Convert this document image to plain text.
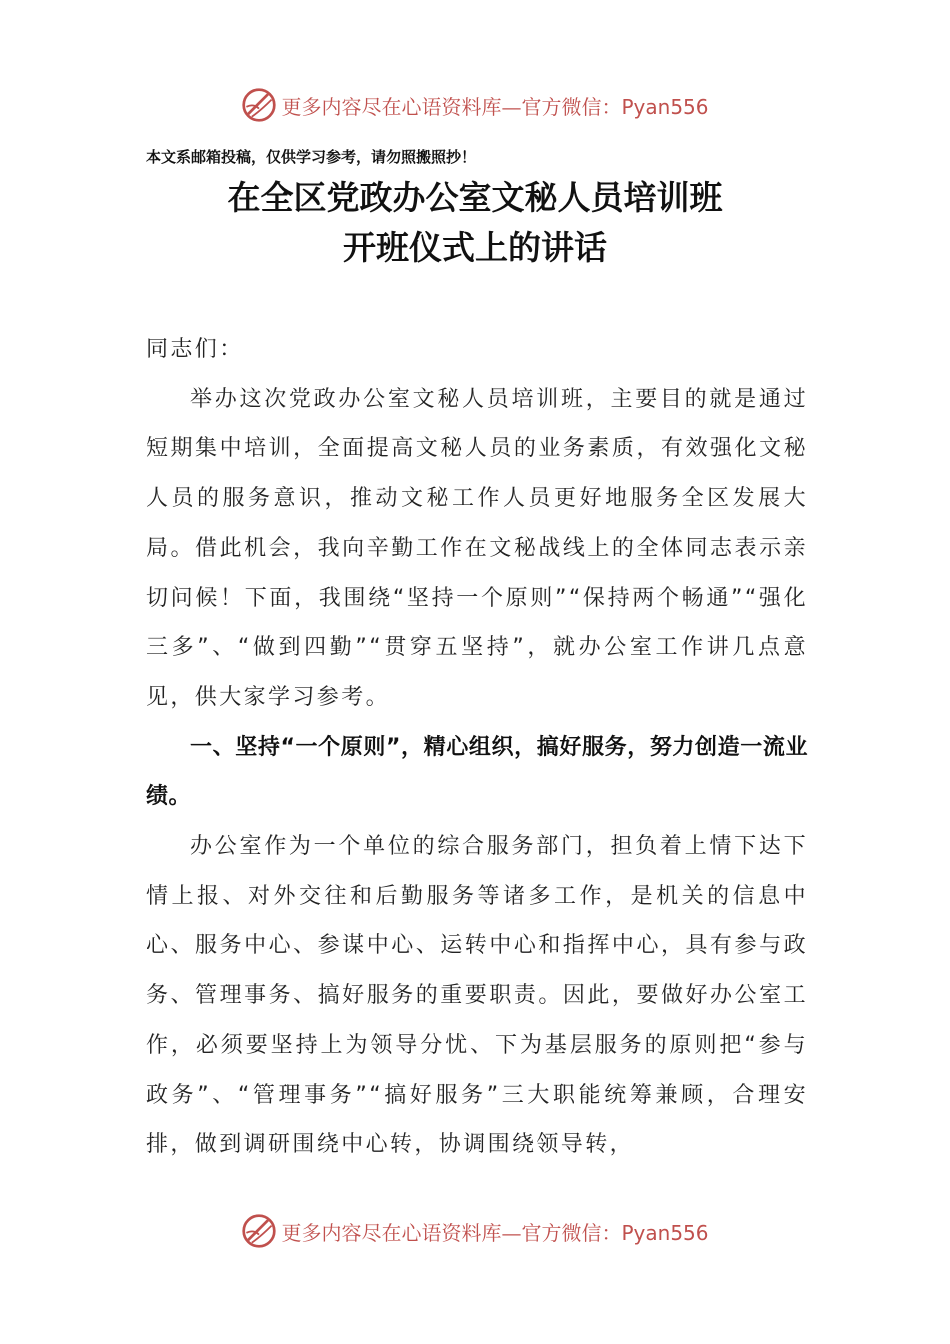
更多内容尽在心语资料库—官方微信：Pyan556
本文系邮箱投稿，仅供学习参考，请勿照搬照抄！
在全区党政办公室文秘人员培训班
开班仪式上的讲话

同志们：

举办这次党政办公室文秘人员培训班，主要目的就是通过短期集中培训，全面提高文秘人员的业务素质，有效强化文秘人员的服务意识，推动文秘工作人员更好地服务全区发展大局。借此机会，我向辛勤工作在文秘战线上的全体同志表示亲切问候！下面，我围绕“坚持一个原则”“保持两个畅通”“强化三多”、“做到四勤”“贯穿五坚持”，就办公室工作讲几点意见，供大家学习参考。

一、坚持“一个原则”，精心组织，搞好服务，努力创造一流业绩。

办公室作为一个单位的综合服务部门，担负着上情下达下情上报、对外交往和后勤服务等诸多工作，是机关的信息中心、服务中心、参谋中心、运转中心和指挥中心，具有参与政务、管理事务、搞好服务的重要职责。因此，要做好办公室工作，必须要坚持上为领导分忧、下为基层服务的原则把“参与政务”、“管理事务”“搞好服务”三大职能统筹兼顾，合理安排，做到调研围绕中心转，协调围绕领导转，

更多内容尽在心语资料库—官方微信：Pyan556
